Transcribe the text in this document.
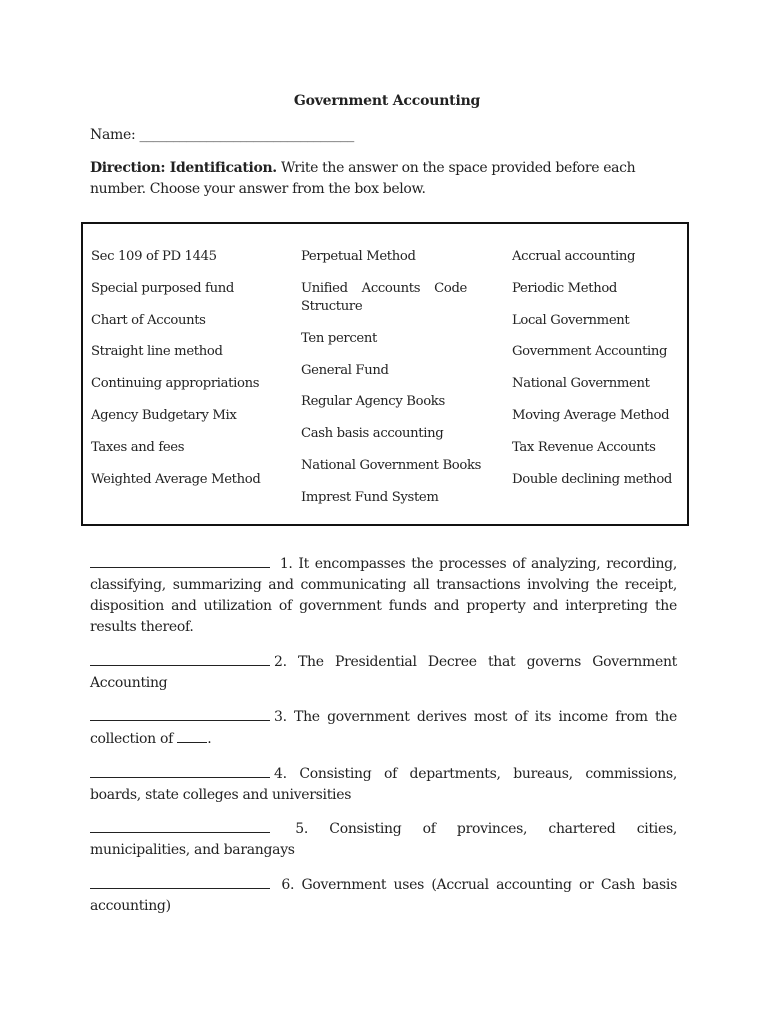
Government Accounting
Name: ________________________________
Direction: Identification. Write the answer on the space provided before each number. Choose your answer from the box below.
Sec 109 of PD 1445
Special purposed fund
Chart of Accounts
Straight line method
Continuing appropriations
Agency Budgetary Mix
Taxes and fees
Weighted Average Method
Perpetual Method
Unified Accounts Code
Structure
Ten percent
General Fund
Regular Agency Books
Cash basis accounting
National Government Books
Imprest Fund System
Accrual accounting
Periodic Method
Local Government
Government Accounting
National Government
Moving Average Method
Tax Revenue Accounts
Double declining method
1. It encompasses the processes of analyzing, recording, classifying, summarizing and communicating all transactions involving the receipt, disposition and utilization of government funds and property and interpreting the results thereof.
2. The Presidential Decree that governs Government Accounting
3. The government derives most of its income from the collection of .
4. Consisting of departments, bureaus, commissions, boards, state colleges and universities
5. Consisting of provinces, chartered cities, municipalities, and barangays
6. Government uses (Accrual accounting or Cash basis accounting)
